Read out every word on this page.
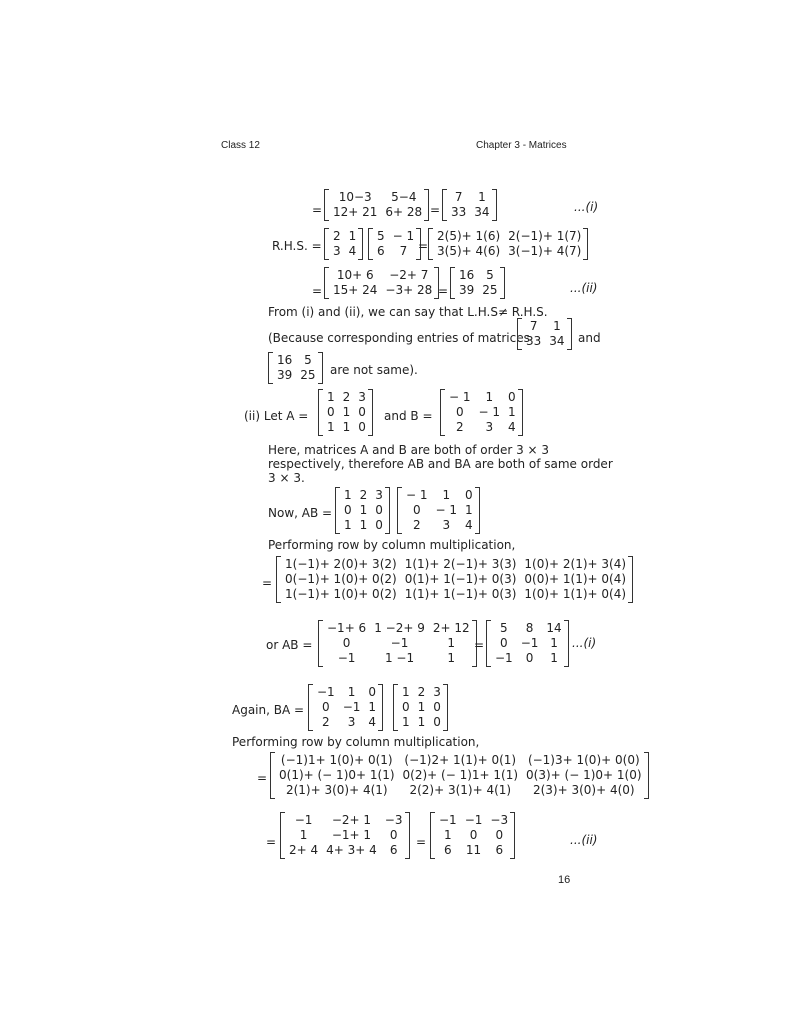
Class 12	Chapter 3 - Matrices
=
10−3	5−4
12+ 21	6+ 28 =
7	1
33	34	...(i)
R.H.S. =
2	1
3	4
5	− 1
6	7 =
2(5)+ 1(6)	2(−1)+ 1(7)
3(5)+ 4(6)	3(−1)+ 4(7)
=
10+ 6	−2+ 7
15+ 24	−3+ 28 =
16	5
39	25	...(ii)
From (i) and (ii), we can say that L.H.S≠ R.H.S.
(Because corresponding entries of matrices
7	1
33	34 and
16	5
39	25 are not same).
(ii) Let A =
1	2	3
0	1	0
1	1	0
and B =
− 1	1	0
0	− 1	1
2	3	4
Here, matrices A and B are both of order 3 × 3
respectively, therefore AB and BA are both of same order
3 × 3.
Now, AB =
1	2	3
0	1	0
1	1	0
− 1	1	0
0	− 1	1
2	3	4
Performing row by column multiplication,
=
1(−1)+ 2(0)+ 3(2)	1(1)+ 2(−1)+ 3(3)	1(0)+ 2(1)+ 3(4)
0(−1)+ 1(0)+ 0(2)	0(1)+ 1(−1)+ 0(3)	0(0)+ 1(1)+ 0(4)
1(−1)+ 1(0)+ 0(2)	1(1)+ 1(−1)+ 0(3)	1(0)+ 1(1)+ 0(4)
or AB =
−1+ 6	1 −2+ 9	2+ 12
0	−1	1
−1	1 −1	1
=
5	8	14
0	−1	1
−1	0	1
...(i)
Again, BA =
−1	1	0
0	−1	1
2	3	4
1	2	3
0	1	0
1	1	0
Performing row by column multiplication,
=
(−1)1+ 1(0)+ 0(1)	(−1)2+ 1(1)+ 0(1)	(−1)3+ 1(0)+ 0(0)
0(1)+ (− 1)0+ 1(1)	0(2)+ (− 1)1+ 1(1)	0(3)+ (− 1)0+ 1(0)
2(1)+ 3(0)+ 4(1)	2(2)+ 3(1)+ 4(1)	2(3)+ 3(0)+ 4(0)
=
−1	−2+ 1	−3
1	−1+ 1	0
2+ 4	4+ 3+ 4	6
=
−1	−1	−3
1	0	0
6	11	6
...(ii)
16
